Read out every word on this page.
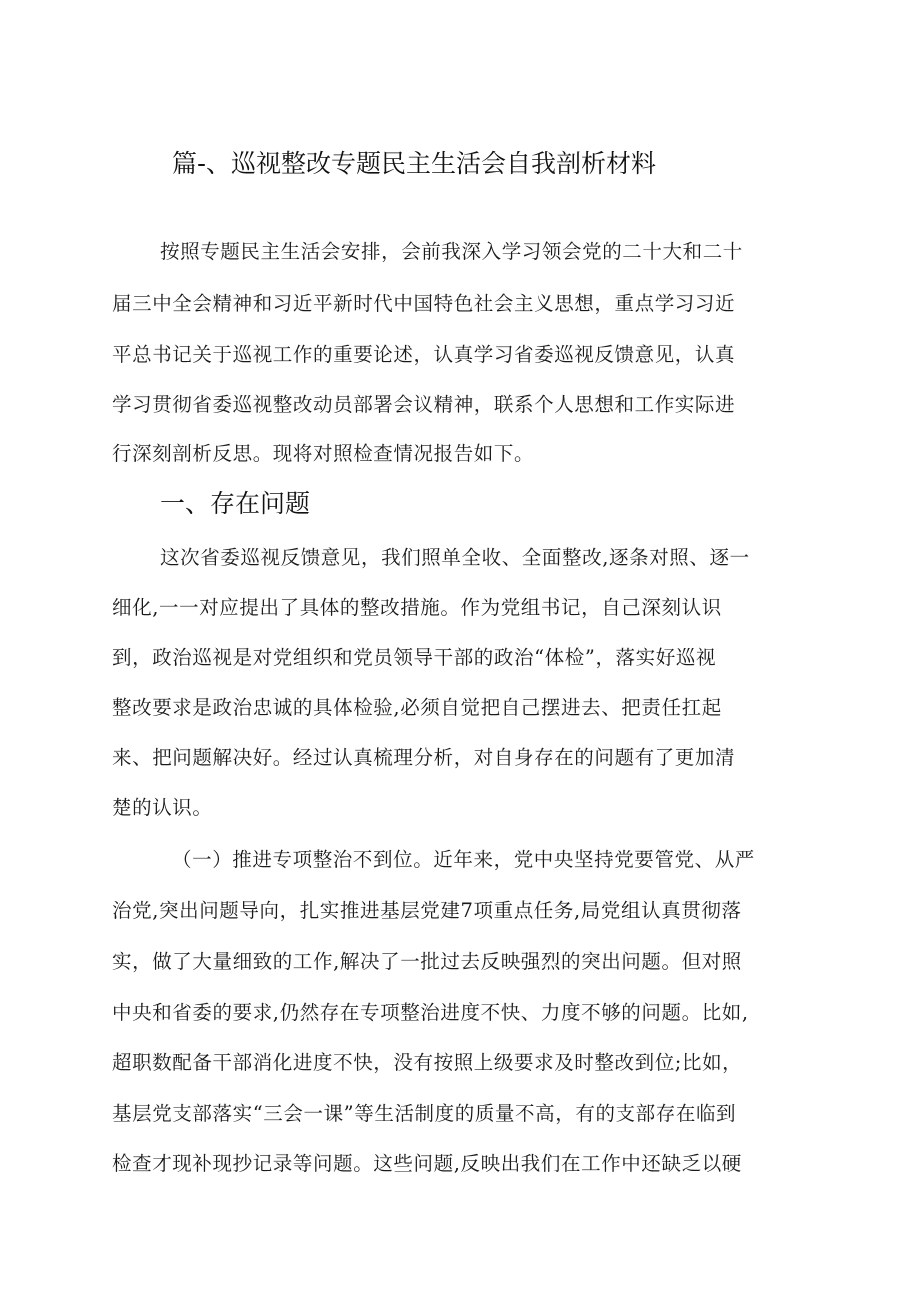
篇-、巡视整改专题民主生活会自我剖析材料
按照专题民主生活会安排，会前我深入学习领会党的二十大和二十
届三中全会精神和习近平新时代中国特色社会主义思想，重点学习习近
平总书记关于巡视工作的重要论述，认真学习省委巡视反馈意见，认真
学习贯彻省委巡视整改动员部署会议精神，联系个人思想和工作实际进
行深刻剖析反思。现将对照检查情况报告如下。
一、存在问题
这次省委巡视反馈意见，我们照单全收、全面整改,逐条对照、逐一
细化,一一对应提出了具体的整改措施。作为党组书记，自己深刻认识
到，政治巡视是对党组织和党员领导干部的政治“体检”，落实好巡视
整改要求是政治忠诚的具体检验,必须自觉把自己摆进去、把责任扛起
来、把问题解决好。经过认真梳理分析，对自身存在的问题有了更加清
楚的认识。
（一）推进专项整治不到位。近年来，党中央坚持党要管党、从严
治党,突出问题导向，扎实推进基层党建7项重点任务,局党组认真贯彻落
实，做了大量细致的工作,解决了一批过去反映强烈的突出问题。但对照
中央和省委的要求,仍然存在专项整治进度不快、力度不够的问题。比如,
超职数配备干部消化进度不快，没有按照上级要求及时整改到位;比如，
基层党支部落实“三会一课”等生活制度的质量不高，有的支部存在临到
检查才现补现抄记录等问题。这些问题,反映出我们在工作中还缺乏以硬
